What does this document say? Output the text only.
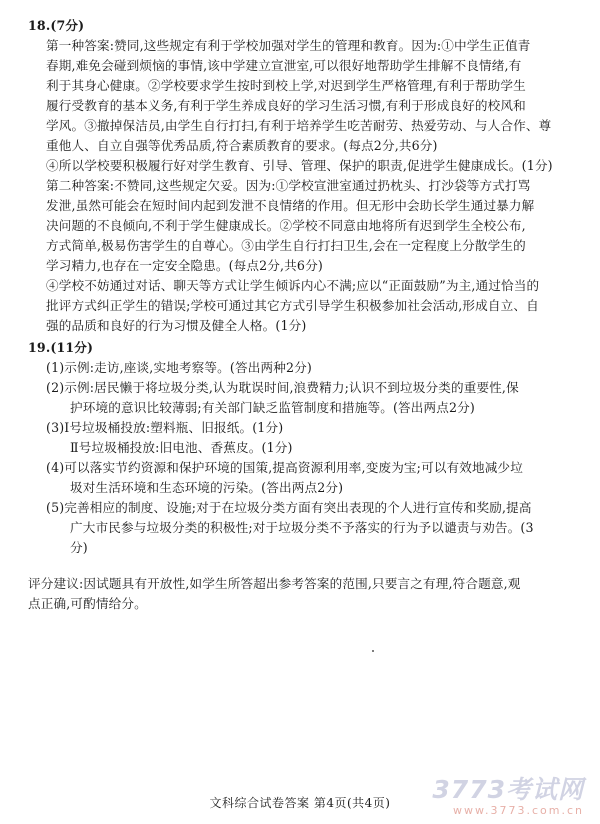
18.(7分)
第一种答案:赞同,这些规定有利于学校加强对学生的管理和教育。因为:①中学生正值青
春期,难免会碰到烦恼的事情,该中学建立宣泄室,可以很好地帮助学生排解不良情绪,有
利于其身心健康。②学校要求学生按时到校上学,对迟到学生严格管理,有利于帮助学生
履行受教育的基本义务,有利于学生养成良好的学习生活习惯,有利于形成良好的校风和
学风。③撤掉保洁员,由学生自行打扫,有利于培养学生吃苦耐劳、热爱劳动、与人合作、尊
重他人、自立自强等优秀品质,符合素质教育的要求。(每点2分,共6分)
④所以学校要积极履行好对学生教育、引导、管理、保护的职责,促进学生健康成长。(1分)
第二种答案:不赞同,这些规定欠妥。因为:①学校宣泄室通过扔枕头、打沙袋等方式打骂
发泄,虽然可能会在短时间内起到发泄不良情绪的作用。但无形中会助长学生通过暴力解
决问题的不良倾向,不利于学生健康成长。②学校不同意由地将所有迟到学生全校公布,
方式简单,极易伤害学生的自尊心。③由学生自行打扫卫生,会在一定程度上分散学生的
学习精力,也存在一定安全隐患。(每点2分,共6分)
④学校不妨通过对话、聊天等方式让学生倾诉内心不满;应以“正面鼓励”为主,通过恰当的
批评方式纠正学生的错误;学校可通过其它方式引导学生积极参加社会活动,形成自立、自
强的品质和良好的行为习惯及健全人格。(1分)
19.(11分)
(1)示例:走访,座谈,实地考察等。(答出两种2分)
(2)示例:居民懒于将垃圾分类,认为耽误时间,浪费精力;认识不到垃圾分类的重要性,保
护环境的意识比较薄弱;有关部门缺乏监管制度和措施等。(答出两点2分)
(3)Ⅰ号垃圾桶投放:塑料瓶、旧报纸。(1分)
Ⅱ号垃圾桶投放:旧电池、香蕉皮。(1分)
(4)可以落实节约资源和保护环境的国策,提高资源利用率,变废为宝;可以有效地减少垃
圾对生活环境和生态环境的污染。(答出两点2分)
(5)完善相应的制度、设施;对于在垃圾分类方面有突出表现的个人进行宣传和奖励,提高
广大市民参与垃圾分类的积极性;对于垃圾分类不予落实的行为予以谴责与劝告。(3
分)
评分建议:因试题具有开放性,如学生所答超出参考答案的范围,只要言之有理,符合题意,观
点正确,可酌情给分。
文科综合试卷答案 第4页(共4页)	3773考试网
www.3773.com.cn
